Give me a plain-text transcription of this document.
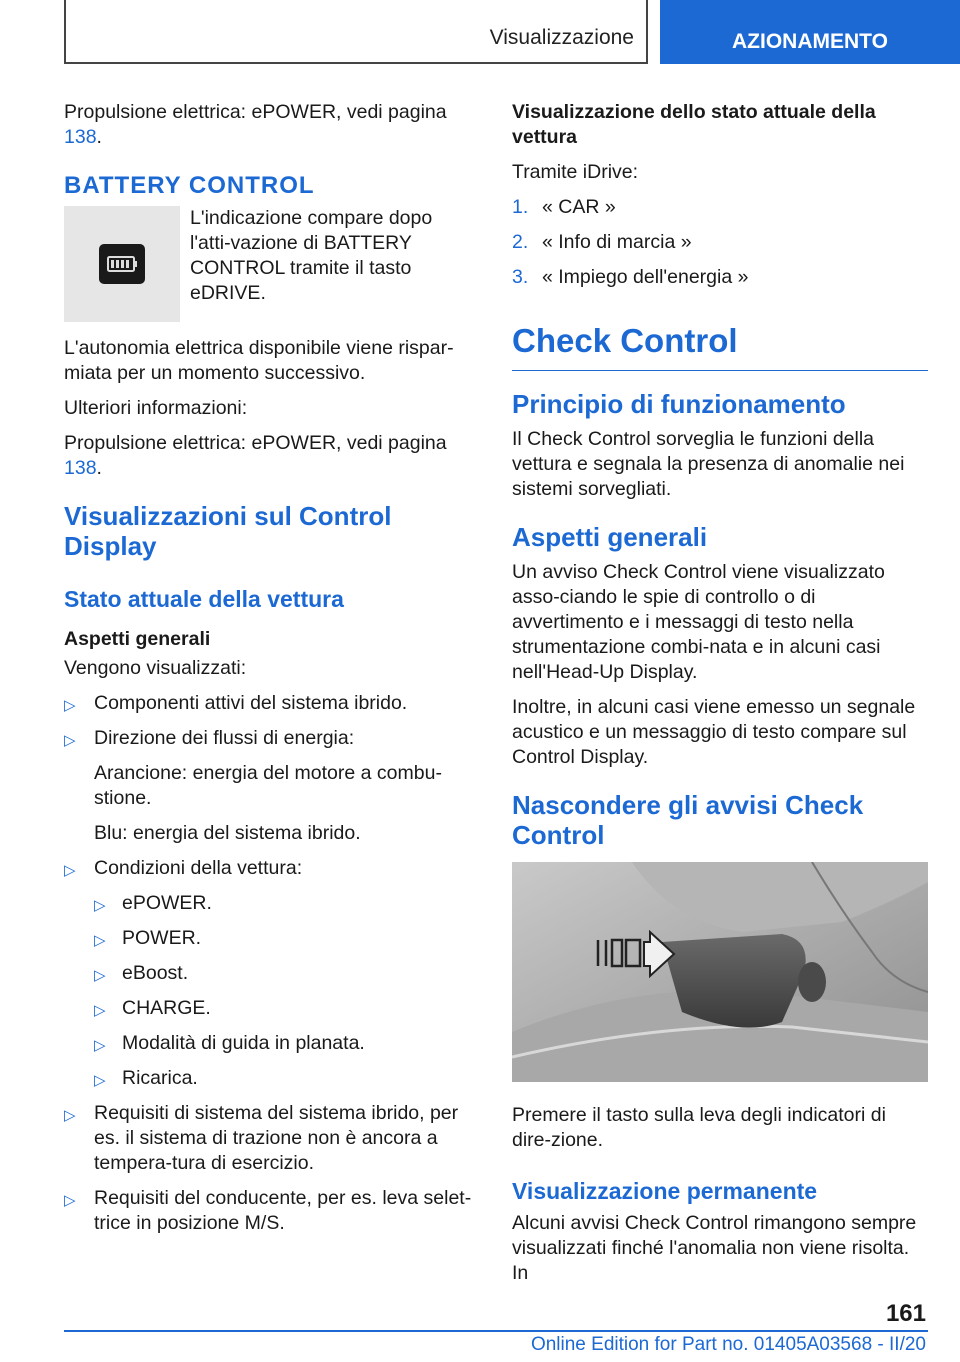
Visualizzazione	AZIONAMENTO

Propulsione elettrica: ePOWER, vedi pagina 138.

BATTERY CONTROL

L'indicazione compare dopo l'atti-vazione di BATTERY CONTROL tramite il tasto eDRIVE.

L'autonomia elettrica disponibile viene rispar-miata per un momento successivo.

Ulteriori informazioni:

Propulsione elettrica: ePOWER, vedi pagina 138.

Visualizzazioni sul Control Display
Stato attuale della vettura
Aspetti generali

Vengono visualizzati:

▷ Componenti attivi del sistema ibrido.

▷ Direzione dei flussi di energia:

Arancione: energia del motore a combu-stione.

Blu: energia del sistema ibrido.

▷ Condizioni della vettura:

▷ ePOWER.

▷ POWER.

▷ eBoost.

▷ CHARGE.

▷ Modalità di guida in planata.

▷ Ricarica.

▷ Requisiti di sistema del sistema ibrido, per es. il sistema di trazione non è ancora a tempera-tura di esercizio.

▷ Requisiti del conducente, per es. leva selet-trice in posizione M/S.

Visualizzazione dello stato attuale della vettura

Tramite iDrive:

1. « CAR »

2. « Info di marcia »

3. « Impiego dell'energia »

Check Control
Principio di funzionamento

Il Check Control sorveglia le funzioni della vettura e segnala la presenza di anomalie nei sistemi sorvegliati.

Aspetti generali

Un avviso Check Control viene visualizzato asso-ciando le spie di controllo o di avvertimento e i messaggi di testo nella strumentazione combi-nata e in alcuni casi nell'Head-Up Display.

Inoltre, in alcuni casi viene emesso un segnale acustico e un messaggio di testo compare sul Control Display.

Nascondere gli avvisi Check Control

Premere il tasto sulla leva degli indicatori di dire-zione.

Visualizzazione permanente

Alcuni avvisi Check Control rimangono sempre visualizzati finché l'anomalia non viene risolta. In

161
Online Edition for Part no. 01405A03568 - II/20
